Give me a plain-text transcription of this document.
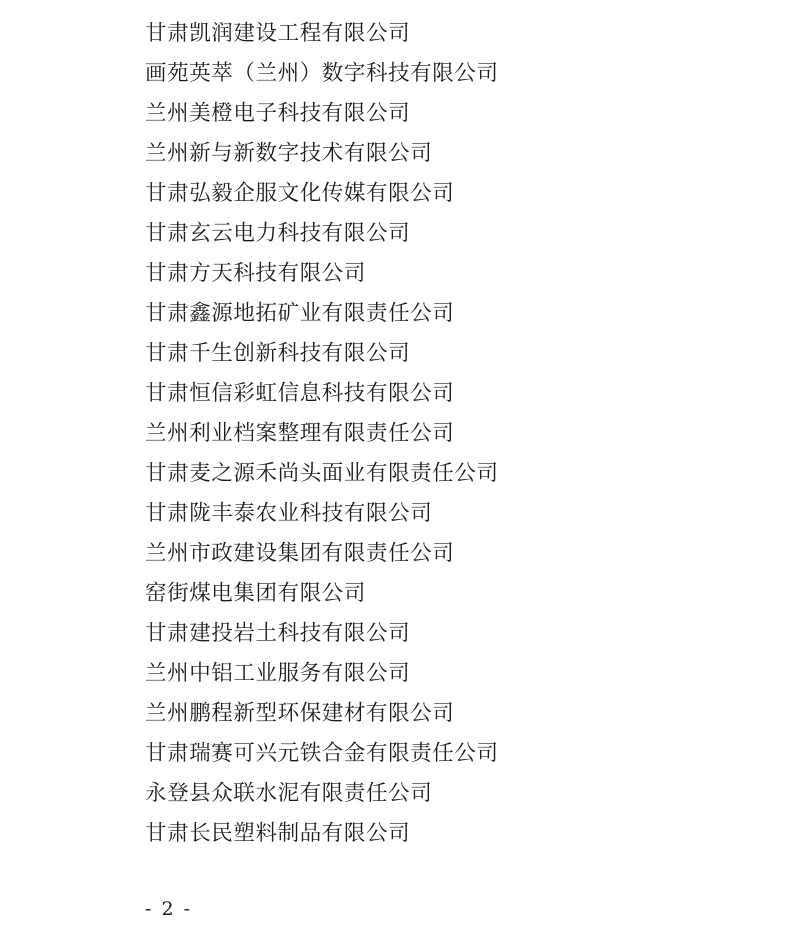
甘肃凯润建设工程有限公司
画苑英萃（兰州）数字科技有限公司
兰州美橙电子科技有限公司
兰州新与新数字技术有限公司
甘肃弘毅企服文化传媒有限公司
甘肃玄云电力科技有限公司
甘肃方天科技有限公司
甘肃鑫源地拓矿业有限责任公司
甘肃千生创新科技有限公司
甘肃恒信彩虹信息科技有限公司
兰州利业档案整理有限责任公司
甘肃麦之源禾尚头面业有限责任公司
甘肃陇丰泰农业科技有限公司
兰州市政建设集团有限责任公司
窑街煤电集团有限公司
甘肃建投岩土科技有限公司
兰州中铝工业服务有限公司
兰州鹏程新型环保建材有限公司
甘肃瑞赛可兴元铁合金有限责任公司
永登县众联水泥有限责任公司
甘肃长民塑料制品有限公司
- 2 -
